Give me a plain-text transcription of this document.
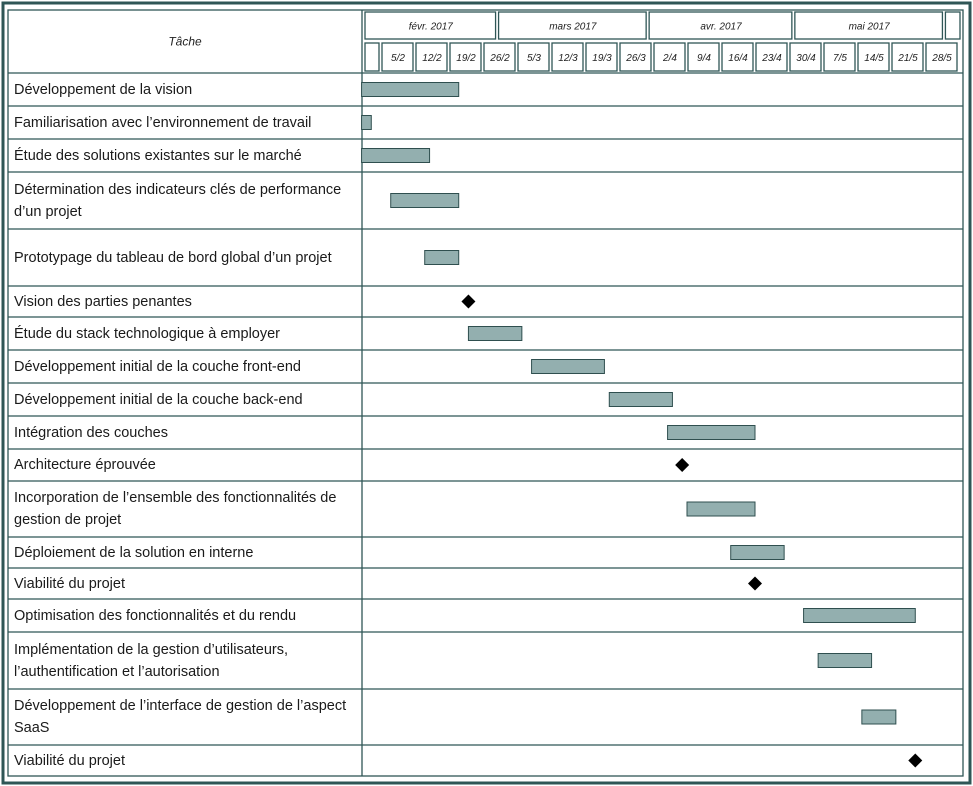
févr. 2017	mars 2017	avr. 2017	mai 2017
5/2 12/2 19/2 26/2 5/3 12/3 19/3 26/3 2/4 9/4 16/4 23/4 30/4 7/5 14/5 21/5 28/5
Tâche
Développement de la vision
Familiarisation avec l’environnement de travail
Étude des solutions existantes sur le marché
Détermination des indicateurs clés de performance d’un projet
Prototypage du tableau de bord global d’un projet
Vision des parties penantes
Étude du stack technologique à employer
Développement initial de la couche front-end
Développement initial de la couche back-end
Intégration des couches
Architecture éprouvée
Incorporation de l’ensemble des fonctionnalités de gestion de projet
Déploiement de la solution en interne
Viabilité du projet
Optimisation des fonctionnalités et du rendu
Implémentation de la gestion d’utilisateurs, l’authentification et l’autorisation
Développement de l’interface de gestion de l’aspect SaaS
Viabilité du projet
